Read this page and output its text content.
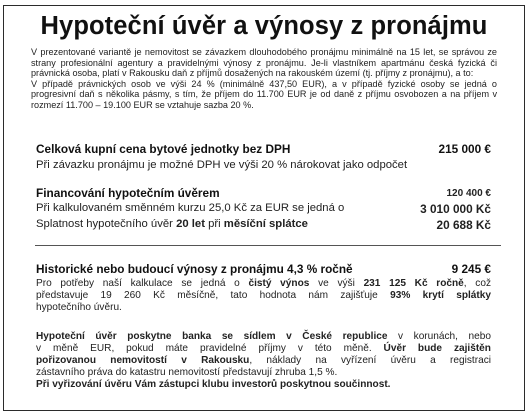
Hypoteční úvěr a výnosy z pronájmu

V prezentované variantě je nemovitost se závazkem dlouhodobého pronájmu minimálně na 15 let, se správou ze strany profesionální agentury a pravidelnými výnosy z pronájmu. Je-li vlastníkem apartmánu česká fyzická či právnická osoba, platí v Rakousku daň z příjmů dosažených na rakouském území (tj. příjmy z pronájmu), a to:

V případě právnických osob ve výši 24 % (minimálně 437,50 EUR), a v případě fyzické osoby se jedná o progresivní daň s několika pásmy, s tím, že příjem do 11.700 EUR je od daně z příjmu osvobozen a na příjem v rozmezí 11.700 – 19.100 EUR se vztahuje sazba 20 %.

Celková kupní cena bytové jednotky bez DPH	215 000 €
Při závazku pronájmu je možné DPH ve výši 20 % nárokovat jako odpočet
Financování hypotečním úvěrem	120 400 €
Při kalkulovaném směnném kurzu 25,0 Kč za EUR se jedná o	3 010 000 Kč
Splatnost hypotečního úvěr 20 let při měsíční splátce	20 688 Kč
Historické nebo budoucí výnosy z pronájmu 4,3 % ročně	9 245 €
Pro potřeby naší kalkulace se jedná o čistý výnos ve výši 231 125 Kč ročně, což
představuje 19 260 Kč měsíčně, tato hodnota nám zajišťuje 93% krytí splátky
hypotečního úvěru.
Hypoteční úvěr poskytne banka se sídlem v České republice v korunách, nebo
v měně EUR, pokud máte pravidelné příjmy v této měně. Úvěr bude zajištěn
pořizovanou nemovitostí v Rakousku, náklady na vyřízení úvěru a registraci
zástavního práva do katastru nemovitostí představují zhruba 1,5 %.
Při vyřizování úvěru Vám zástupci klubu investorů poskytnou součinnost.
